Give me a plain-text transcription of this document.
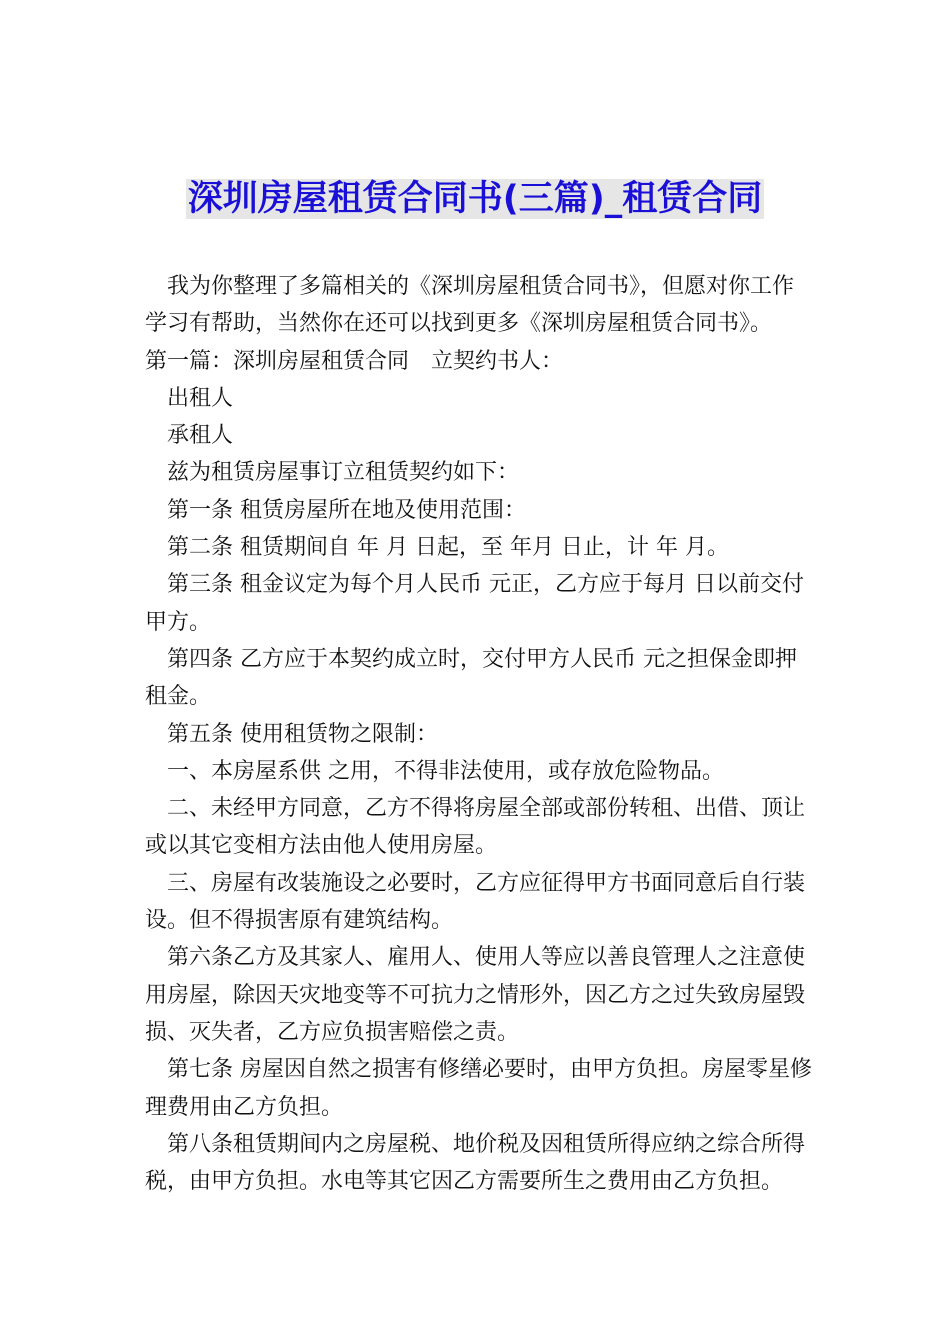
深圳房屋租赁合同书(三篇)_租赁合同

我为你整理了多篇相关的《深圳房屋租赁合同书》，但愿对你工作学习有帮助，当然你在还可以找到更多《深圳房屋租赁合同书》。

第一篇：深圳房屋租赁合同　立契约书人：

出租人

承租人

兹为租赁房屋事订立租赁契约如下：

第一条 租赁房屋所在地及使用范围：

第二条 租赁期间自 年 月 日起，至 年月 日止，计 年 月。

第三条 租金议定为每个月人民币 元正，乙方应于每月 日以前交付甲方。

第四条 乙方应于本契约成立时，交付甲方人民币 元之担保金即押租金。

第五条 使用租赁物之限制：

一、本房屋系供 之用，不得非法使用，或存放危险物品。

二、未经甲方同意，乙方不得将房屋全部或部份转租、出借、顶让或以其它变相方法由他人使用房屋。

三、房屋有改装施设之必要时，乙方应征得甲方书面同意后自行装设。但不得损害原有建筑结构。

第六条乙方及其家人、雇用人、使用人等应以善良管理人之注意使用房屋，除因天灾地变等不可抗力之情形外，因乙方之过失致房屋毁损、灭失者，乙方应负损害赔偿之责。

第七条 房屋因自然之损害有修缮必要时，由甲方负担。房屋零星修理费用由乙方负担。

第八条租赁期间内之房屋税、地价税及因租赁所得应纳之综合所得税，由甲方负担。水电等其它因乙方需要所生之费用由乙方负担。
